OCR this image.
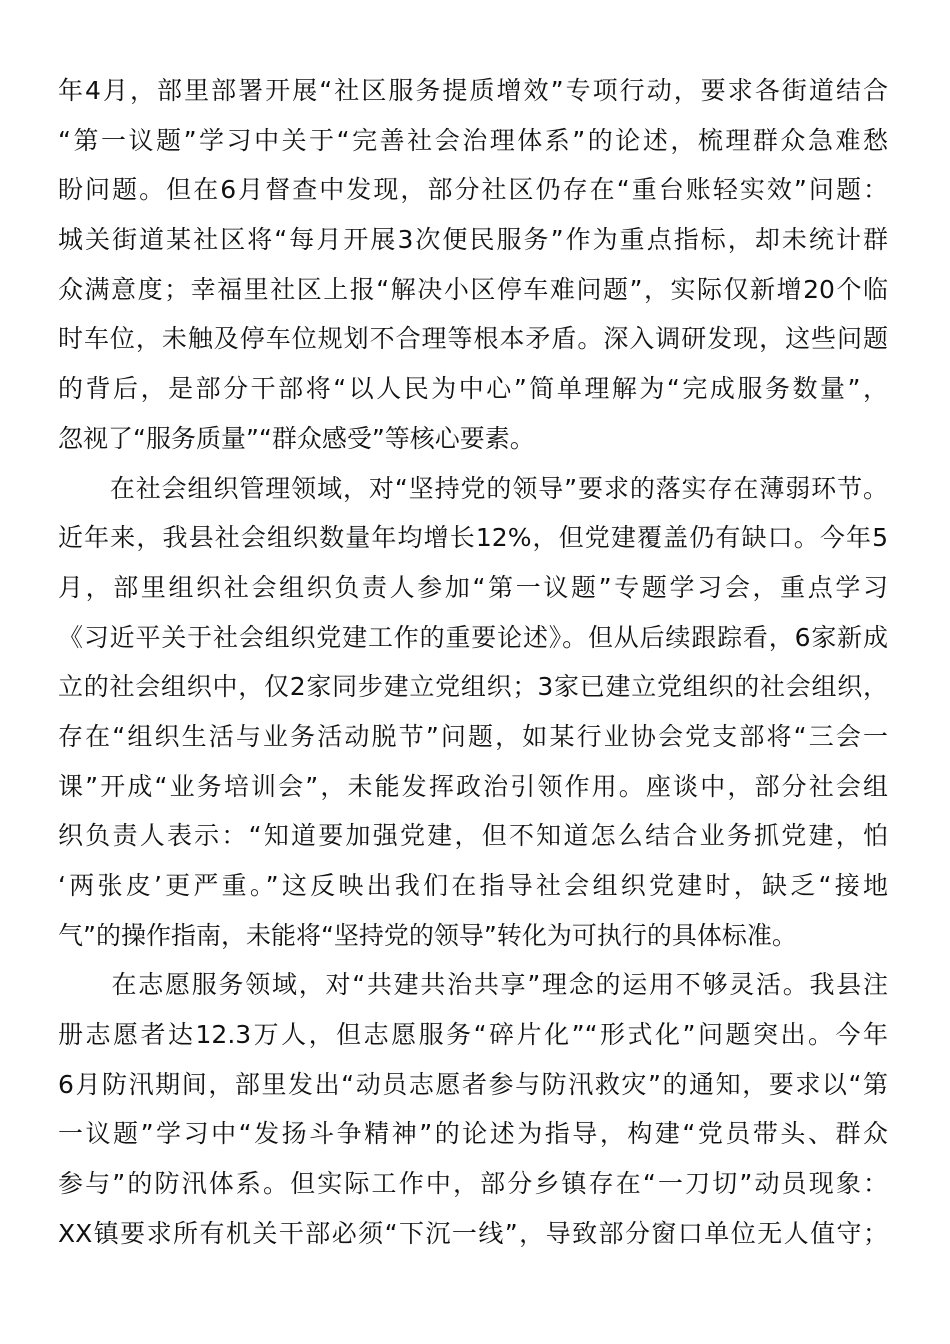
年4月，部里部署开展“社区服务提质增效”专项行动，要求各街道结合
“第一议题”学习中关于“完善社会治理体系”的论述，梳理群众急难愁
盼问题。但在6月督查中发现，部分社区仍存在“重台账轻实效”问题：
城关街道某社区将“每月开展3次便民服务”作为重点指标，却未统计群
众满意度；幸福里社区上报“解决小区停车难问题”，实际仅新增20个临
时车位，未触及停车位规划不合理等根本矛盾。深入调研发现，这些问题
的背后，是部分干部将“以人民为中心”简单理解为“完成服务数量”，
忽视了“服务质量”“群众感受”等核心要素。
　　在社会组织管理领域，对“坚持党的领导”要求的落实存在薄弱环节。
近年来，我县社会组织数量年均增长12%，但党建覆盖仍有缺口。今年5
月，部里组织社会组织负责人参加“第一议题”专题学习会，重点学习
《习近平关于社会组织党建工作的重要论述》。但从后续跟踪看，6家新成
立的社会组织中，仅2家同步建立党组织；3家已建立党组织的社会组织，
存在“组织生活与业务活动脱节”问题，如某行业协会党支部将“三会一
课”开成“业务培训会”，未能发挥政治引领作用。座谈中，部分社会组
织负责人表示：“知道要加强党建，但不知道怎么结合业务抓党建，怕
‘两张皮’更严重。”这反映出我们在指导社会组织党建时，缺乏“接地
气”的操作指南，未能将“坚持党的领导”转化为可执行的具体标准。
　　在志愿服务领域，对“共建共治共享”理念的运用不够灵活。我县注
册志愿者达12.3万人，但志愿服务“碎片化”“形式化”问题突出。今年
6月防汛期间，部里发出“动员志愿者参与防汛救灾”的通知，要求以“第
一议题”学习中“发扬斗争精神”的论述为指导，构建“党员带头、群众
参与”的防汛体系。但实际工作中，部分乡镇存在“一刀切”动员现象：
XX镇要求所有机关干部必须“下沉一线”，导致部分窗口单位无人值守；
